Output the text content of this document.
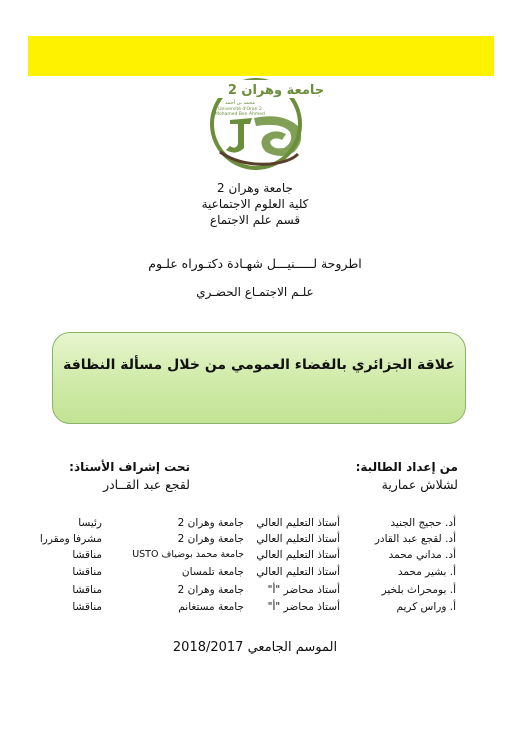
جامعة وهران 2
محمد بن أحمد
Université d'Oran 2
Mohamed Ben Ahmed
جامعة وهران 2
كلية العلوم الاجتماعية
قسم علم الاجتماع
اطروحة لـــــنيـــل شهـادة دكتـوراه علـوم
علـم الاجتمـاع الحضـري
علاقة الجزائري بالفضاء العمومي من خلال مسألة النظافة
من إعداد الطالبة:
لشلاش عمارية
تحت إشراف الأستاذ:
لقجع عبد القــادر
أد. حجيج الجنيد
أستاذ التعليم العالي
جامعة وهران 2
رئيسا
أد. لقجع عبد القادر
أستاذ التعليم العالي
جامعة وهران 2
مشرفا ومقررا
أد. مداني محمد
أستاذ التعليم العالي
جامعة محمد بوضياف USTO
مناقشا
أ. بشير محمد
أستاذ التعليم العالي
جامعة تلمسان
مناقشا
أ. بومحراث بلخير
أستاذ محاضر "أ"
جامعة وهران 2
مناقشا
أ. وراس كريم
أستاذ محاضر "أ"
جامعة مستغانم
مناقشا
الموسم الجامعي 2018/2017
